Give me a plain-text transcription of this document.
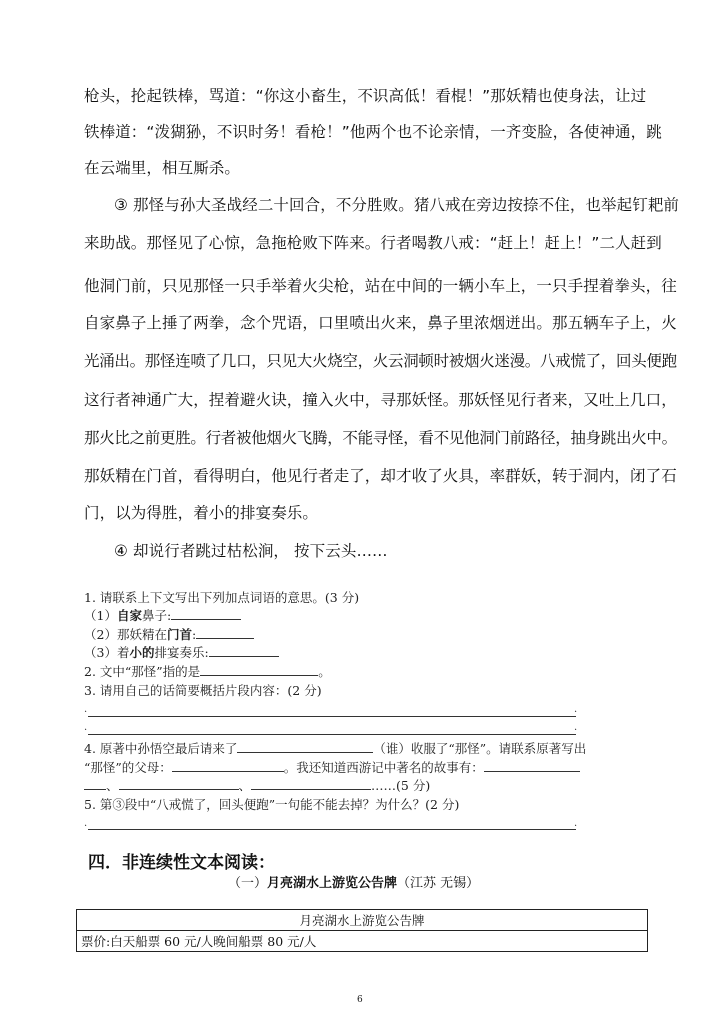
枪头，抡起铁棒，骂道：“你这小畜生，不识高低！看棍！”那妖精也使身法，让过

铁棒道：“泼猢狲，不识时务！看枪！”他两个也不论亲情，一齐变脸，各使神通，跳

在云端里，相互厮杀。

③ 那怪与孙大圣战经二十回合，不分胜败。猪八戒在旁边按捺不住，也举起钉耙前

来助战。那怪见了心惊，急拖枪败下阵来。行者喝教八戒：“赶上！赶上！”二人赶到

他洞门前，只见那怪一只手举着火尖枪，站在中间的一辆小车上，一只手捏着拳头，往

自家鼻子上捶了两拳，念个咒语，口里喷出火来，鼻子里浓烟迸出。那五辆车子上，火

光涌出。那怪连喷了几口，只见大火烧空，火云洞顿时被烟火迷漫。八戒慌了，回头便跑

这行者神通广大，捏着避火诀，撞入火中，寻那妖怪。那妖怪见行者来，又吐上几口，

那火比之前更胜。行者被他烟火飞腾，不能寻怪，看不见他洞门前路径，抽身跳出火中。

那妖精在门首，看得明白，他见行者走了，却才收了火具，率群妖，转于洞内，闭了石

门，以为得胜，着小的排宴奏乐。

④ 却说行者跳过枯松涧， 按下云头……

1. 请联系上下文写出下列加点词语的意思。(3 分)
（1）自家鼻子:
（2）那妖精在门首:
（3）着小的排宴奏乐:
2. 文中“那怪”指的是	。
3. 请用自己的话简要概括片段内容：(2 分)
.	.
.	.
4. 原著中孙悟空最后请来了	（谁）收服了“那怪”。请联系原著写出
“那怪”的父母：	。我还知道西游记中著名的故事有：
、	、	……(5 分)
5. 第③段中“八戒慌了，回头便跑”一句能不能去掉？为什么？(2 分)
.	.
四．非连续性文本阅读：
（一）月亮湖水上游览公告牌（江苏 无锡）
月亮湖水上游览公告牌
票价:白天船票 60 元/人晚间船票 80 元/人
6
